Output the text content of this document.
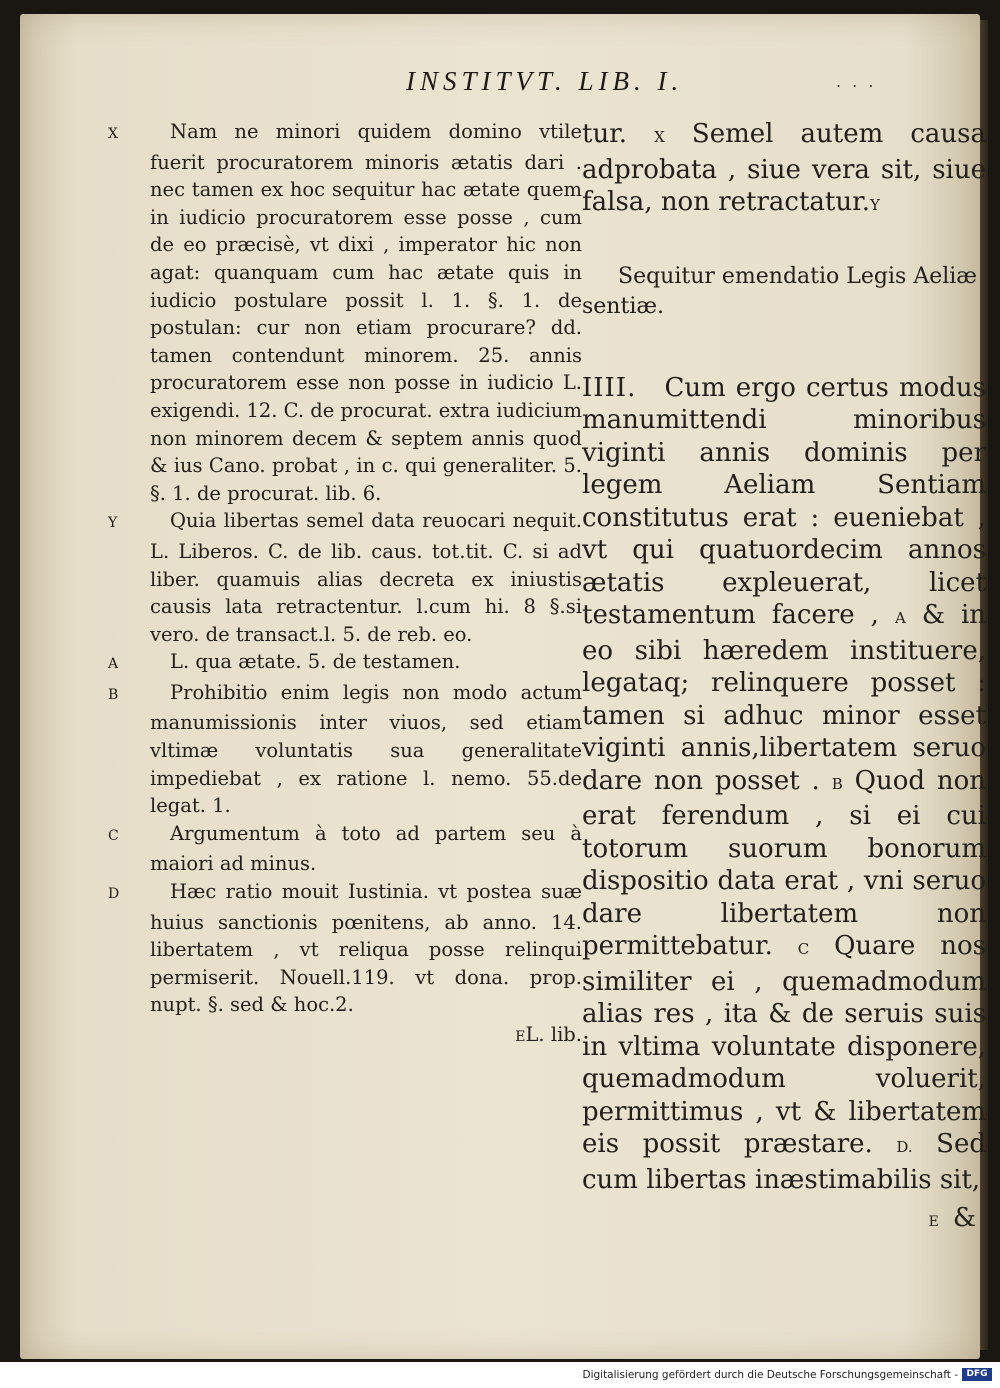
INSTITVT. LIB. I.	. . .

X	Nam ne minori quidem domino vtile fuerit procuratorem minoris ætatis dari . nec tamen ex hoc sequitur hac ætate quem in iudicio procuratorem esse posse , cum de eo præcisè, vt dixi , imperator hic non agat: quanquam cum hac ætate quis in iudicio postulare possit l. 1. §. 1. de postulan: cur non etiam procurare? dd. tamen contendunt minorem. 25. annis procuratorem esse non posse in iudicio L. exigendi. 12. C. de procurat. extra iudicium non minorem decem & septem annis quod & ius Cano. probat , in c. qui generaliter. 5. §. 1. de procurat. lib. 6.

Y	Quia libertas semel data reuocari nequit. L. Liberos. C. de lib. caus. tot.tit. C. si ad liber. quamuis alias decreta ex iniustis causis lata retractentur. l.cum hi. 8 §.si vero. de transact.l. 5. de reb. eo.

A	L. qua ætate. 5. de testamen.

B	Prohibitio enim legis non modo actum manumissionis inter viuos, sed etiam vltimæ voluntatis sua generalitate impediebat , ex ratione l. nemo. 55.de legat. 1.

C	Argumentum à toto ad partem seu à maiori ad minus.

D	Hæc ratio mouit Iustinia. vt postea suæ huius sanctionis pœnitens, ab anno. 14. libertatem , vt reliqua posse relinqui permiserit. Nouell.119. vt dona. prop. nupt. §. sed & hoc.2.

EL. lib.

tur. X Semel autem causa adprobata , siue vera sit, siue falsa, non retractatur.Y

Sequitur emendatio Legis Aeliæ sentiæ.

IIII. Cum ergo certus modus manumittendi minoribus viginti annis dominis per legem Aeliam Sentiam constitutus erat : eueniebat , vt qui quatuordecim annos ætatis expleuerat, licet testamentum facere , A & in eo sibi hæredem instituere, legataq; relinquere posset : tamen si adhuc minor esset viginti annis,libertatem seruo dare non posset . B Quod non erat ferendum , si ei cui totorum suorum bonorum dispositio data erat , vni seruo dare libertatem non permittebatur. C Quare nos similiter ei , quemadmodum alias res , ita & de seruis suis in vltima voluntate disponere, quemadmodum voluerit, permittimus , vt & libertatem eis possit præstare. D. Sed cum libertas inæstimabilis sit,

E &

Digitalisierung gefördert durch die Deutsche Forschungsgemeinschaft - DFG
